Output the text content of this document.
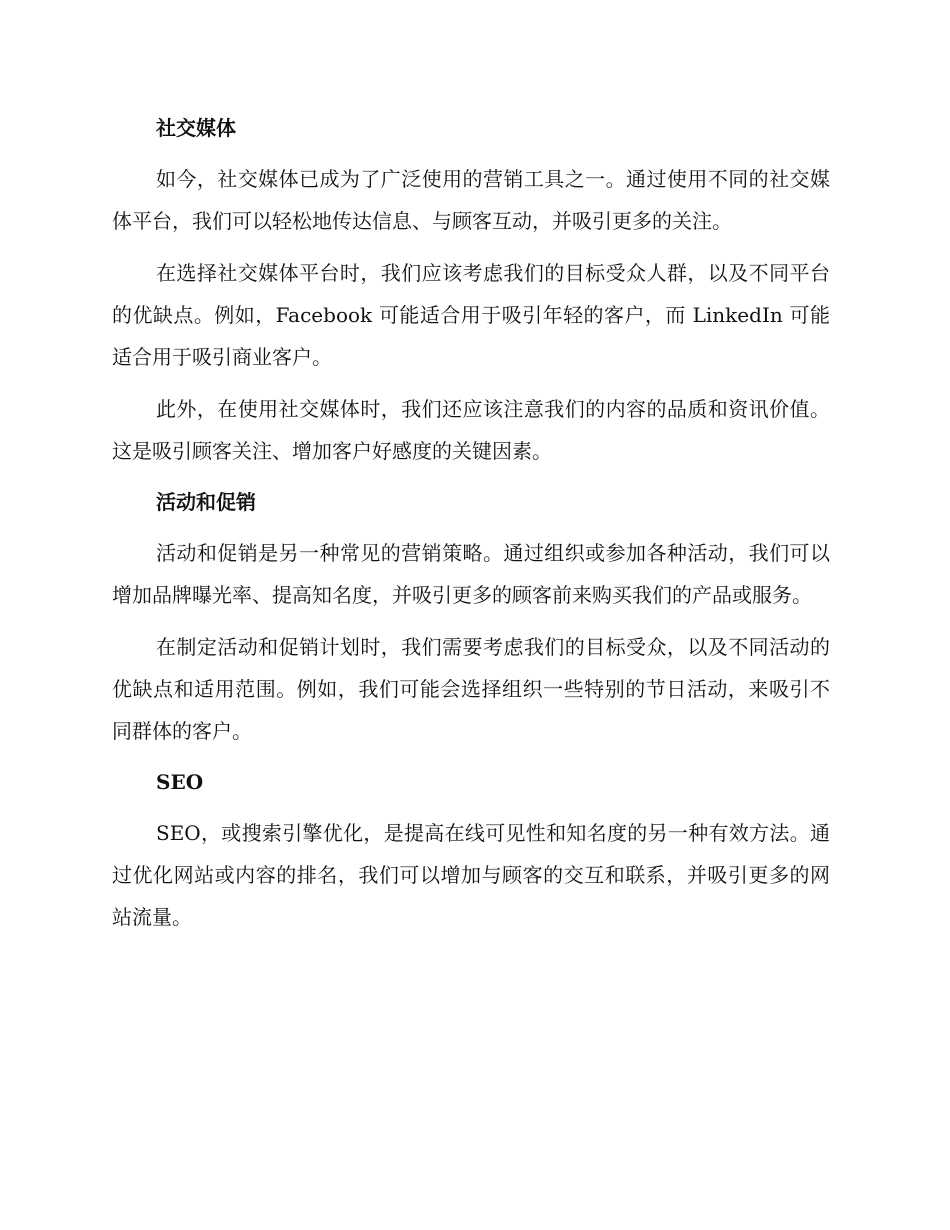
社交媒体

如今，社交媒体已成为了广泛使用的营销工具之一。通过使用不同的社交媒体平台，我们可以轻松地传达信息、与顾客互动，并吸引更多的关注。

在选择社交媒体平台时，我们应该考虑我们的目标受众人群，以及不同平台的优缺点。例如，Facebook 可能适合用于吸引年轻的客户，而 LinkedIn 可能适合用于吸引商业客户。

此外，在使用社交媒体时，我们还应该注意我们的内容的品质和资讯价值。这是吸引顾客关注、增加客户好感度的关键因素。

活动和促销

活动和促销是另一种常见的营销策略。通过组织或参加各种活动，我们可以增加品牌曝光率、提高知名度，并吸引更多的顾客前来购买我们的产品或服务。

在制定活动和促销计划时，我们需要考虑我们的目标受众，以及不同活动的优缺点和适用范围。例如，我们可能会选择组织一些特别的节日活动，来吸引不同群体的客户。

SEO

SEO，或搜索引擎优化，是提高在线可见性和知名度的另一种有效方法。通过优化网站或内容的排名，我们可以增加与顾客的交互和联系，并吸引更多的网站流量。
